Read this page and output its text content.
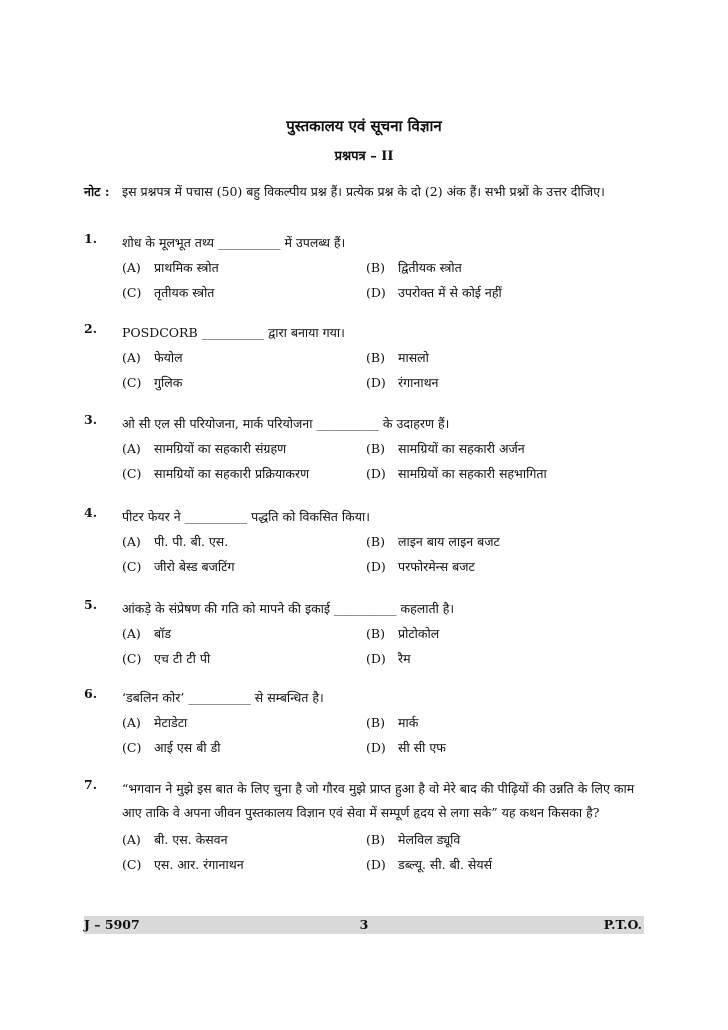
पुस्तकालय एवं सूचना विज्ञान
प्रश्नपत्र – II
नोट : इस प्रश्नपत्र में पचास (50) बहु विकल्पीय प्रश्न हैं। प्रत्येक प्रश्न के दो (2) अंक हैं। सभी प्रश्नों के उत्तर दीजिए।
1. शोध के मूलभूत तथ्य __________ में उपलब्ध हैं।
(A) प्राथमिक स्त्रोत	(B) द्वितीयक स्त्रोत
(C) तृतीयक स्त्रोत	(D) उपरोक्त में से कोई नहीं
2. POSDCORB __________ द्वारा बनाया गया।
(A) फेयोल	(B) मासलो
(C) गुलिक	(D) रंगानाथन
3. ओ सी एल सी परियोजना, मार्क परियोजना __________ के उदाहरण हैं।
(A) सामग्रियों का सहकारी संग्रहण	(B) सामग्रियों का सहकारी अर्जन
(C) सामग्रियों का सहकारी प्रक्रियाकरण	(D) सामग्रियों का सहकारी सहभागिता
4. पीटर फेयर ने __________ पद्धति को विकसित किया।
(A) पी. पी. बी. एस.	(B) लाइन बाय लाइन बजट
(C) जीरो बेस्ड बजटिंग	(D) परफोरमेन्स बजट
5. आंकड़े के संप्रेषण की गति को मापने की इकाई __________ कहलाती है।
(A) बॉड	(B) प्रोटोकोल
(C) एच टी टी पी	(D) रैम
6. ‘डबलिन कोर’ __________ से सम्बन्धित है।
(A) मेटाडेटा	(B) मार्क
(C) आई एस बी डी	(D) सी सी एफ
7. “भगवान ने मुझे इस बात के लिए चुना है जो गौरव मुझे प्राप्त हुआ है वो मेरे बाद की पीढ़ियों की उन्नति के लिए काम आए ताकि वे अपना जीवन पुस्तकालय विज्ञान एवं सेवा में सम्पूर्ण हृदय से लगा सके” यह कथन किसका है?
(A) बी. एस. केसवन	(B) मेलविल ड्यूवि
(C) एस. आर. रंगानाथन	(D) डब्ल्यू. सी. बी. सेयर्स
J – 5907	3	P.T.O.
